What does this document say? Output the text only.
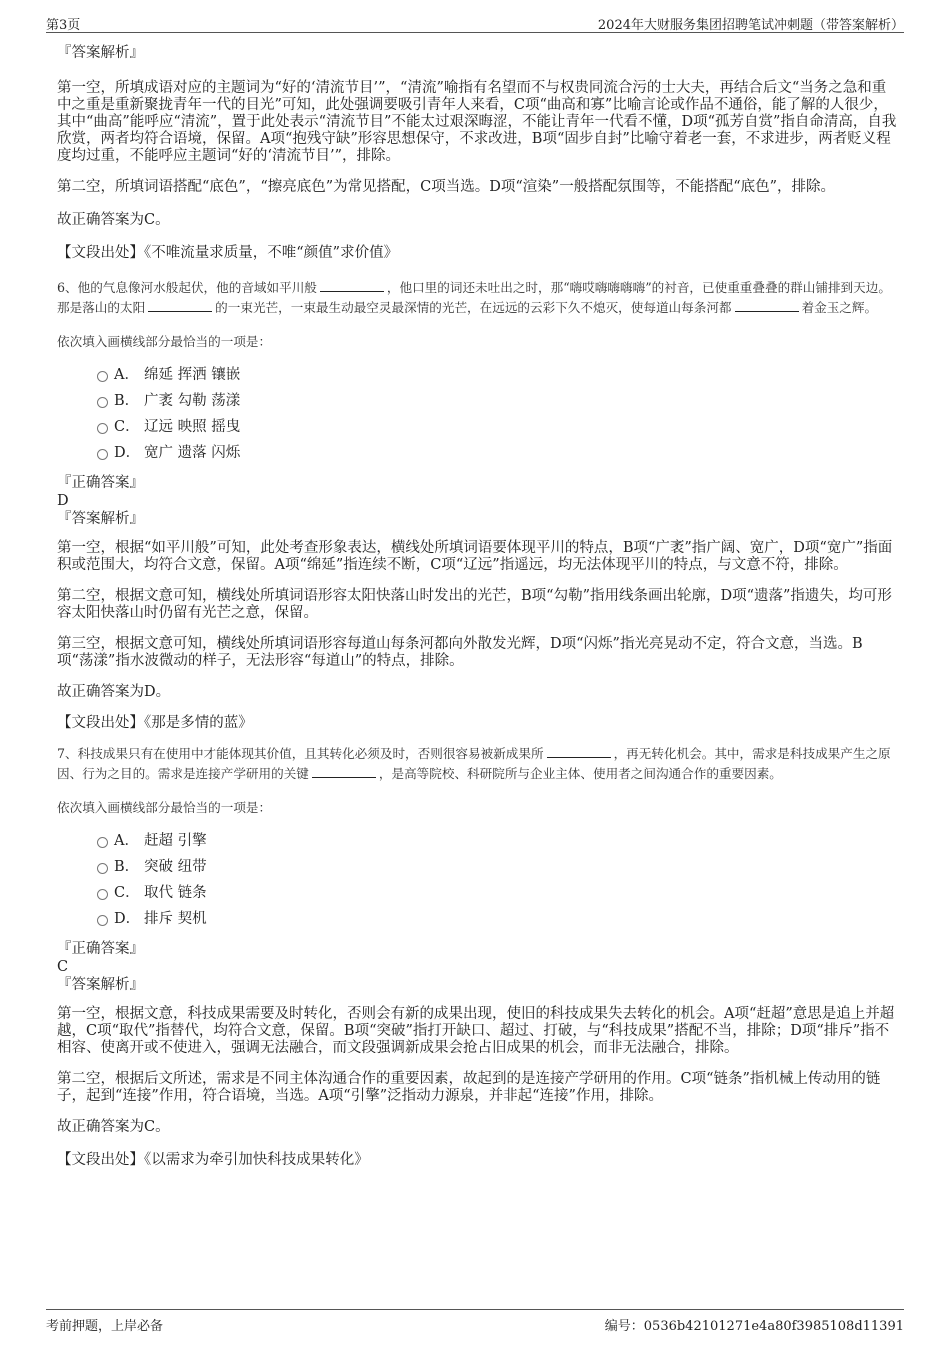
第3页	2024年大财服务集团招聘笔试冲刺题（带答案解析）

『答案解析』

第一空，所填成语对应的主题词为“好的‘清流节目’”，“清流”喻指有名望而不与权贵同流合污的士大夫，再结合后文“当务之急和重中之重是重新聚拢青年一代的目光”可知，此处强调要吸引青年人来看，C项“曲高和寡”比喻言论或作品不通俗，能了解的人很少，其中“曲高”能呼应“清流”，置于此处表示“清流节目”不能太过艰深晦涩，不能让青年一代看不懂，D项“孤芳自赏”指自命清高，自我欣赏，两者均符合语境，保留。A项“抱残守缺”形容思想保守，不求改进，B项“固步自封”比喻守着老一套，不求进步，两者贬义程度均过重，不能呼应主题词“好的‘清流节目’”，排除。

第二空，所填词语搭配“底色”，“擦亮底色”为常见搭配，C项当选。D项“渲染”一般搭配氛围等，不能搭配“底色”，排除。

故正确答案为C。

【文段出处】《不唯流量求质量，不唯“颜值”求价值》

6、他的气息像河水般起伏，他的音域如平川般	，他口里的词还未吐出之时，那“嗨哎嗨嗨嗨嗨”的衬音，已使重重叠叠的群山铺排到天边。那是落山的太阳	的一束光芒，一束最生动最空灵最深情的光芒，在远远的云彩下久不熄灭，使每道山每条河都	着金玉之辉。

依次填入画横线部分最恰当的一项是：

A． 绵延 挥洒 镶嵌
B． 广袤 勾勒 荡漾
C． 辽远 映照 摇曳
D． 宽广 遗落 闪烁

『正确答案』

D

『答案解析』

第一空，根据“如平川般”可知，此处考查形象表达，横线处所填词语要体现平川的特点，B项“广袤”指广阔、宽广，D项“宽广”指面积或范围大，均符合文意，保留。A项“绵延”指连续不断，C项“辽远”指遥远，均无法体现平川的特点，与文意不符，排除。

第二空，根据文意可知，横线处所填词语形容太阳快落山时发出的光芒，B项“勾勒”指用线条画出轮廓，D项“遗落”指遗失，均可形容太阳快落山时仍留有光芒之意，保留。

第三空，根据文意可知，横线处所填词语形容每道山每条河都向外散发光辉，D项“闪烁”指光亮晃动不定，符合文意，当选。B项“荡漾”指水波微动的样子，无法形容“每道山”的特点，排除。

故正确答案为D。

【文段出处】《那是多情的蓝》

7、科技成果只有在使用中才能体现其价值，且其转化必须及时，否则很容易被新成果所	，再无转化机会。其中，需求是科技成果产生之原因、行为之目的。需求是连接产学研用的关键	，是高等院校、科研院所与企业主体、使用者之间沟通合作的重要因素。

依次填入画横线部分最恰当的一项是：

A． 赶超 引擎
B． 突破 纽带
C． 取代 链条
D． 排斥 契机

『正确答案』

C

『答案解析』

第一空，根据文意，科技成果需要及时转化，否则会有新的成果出现，使旧的科技成果失去转化的机会。A项“赶超”意思是追上并超越，C项“取代”指替代，均符合文意，保留。B项“突破”指打开缺口、超过、打破，与“科技成果”搭配不当，排除；D项“排斥”指不相容、使离开或不使进入，强调无法融合，而文段强调新成果会抢占旧成果的机会，而非无法融合，排除。

第二空，根据后文所述，需求是不同主体沟通合作的重要因素，故起到的是连接产学研用的作用。C项“链条”指机械上传动用的链子，起到“连接”作用，符合语境，当选。A项“引擎”泛指动力源泉，并非起“连接”作用，排除。

故正确答案为C。

【文段出处】《以需求为牵引加快科技成果转化》

考前押题，上岸必备	编号：0536b42101271e4a80f3985108d11391
